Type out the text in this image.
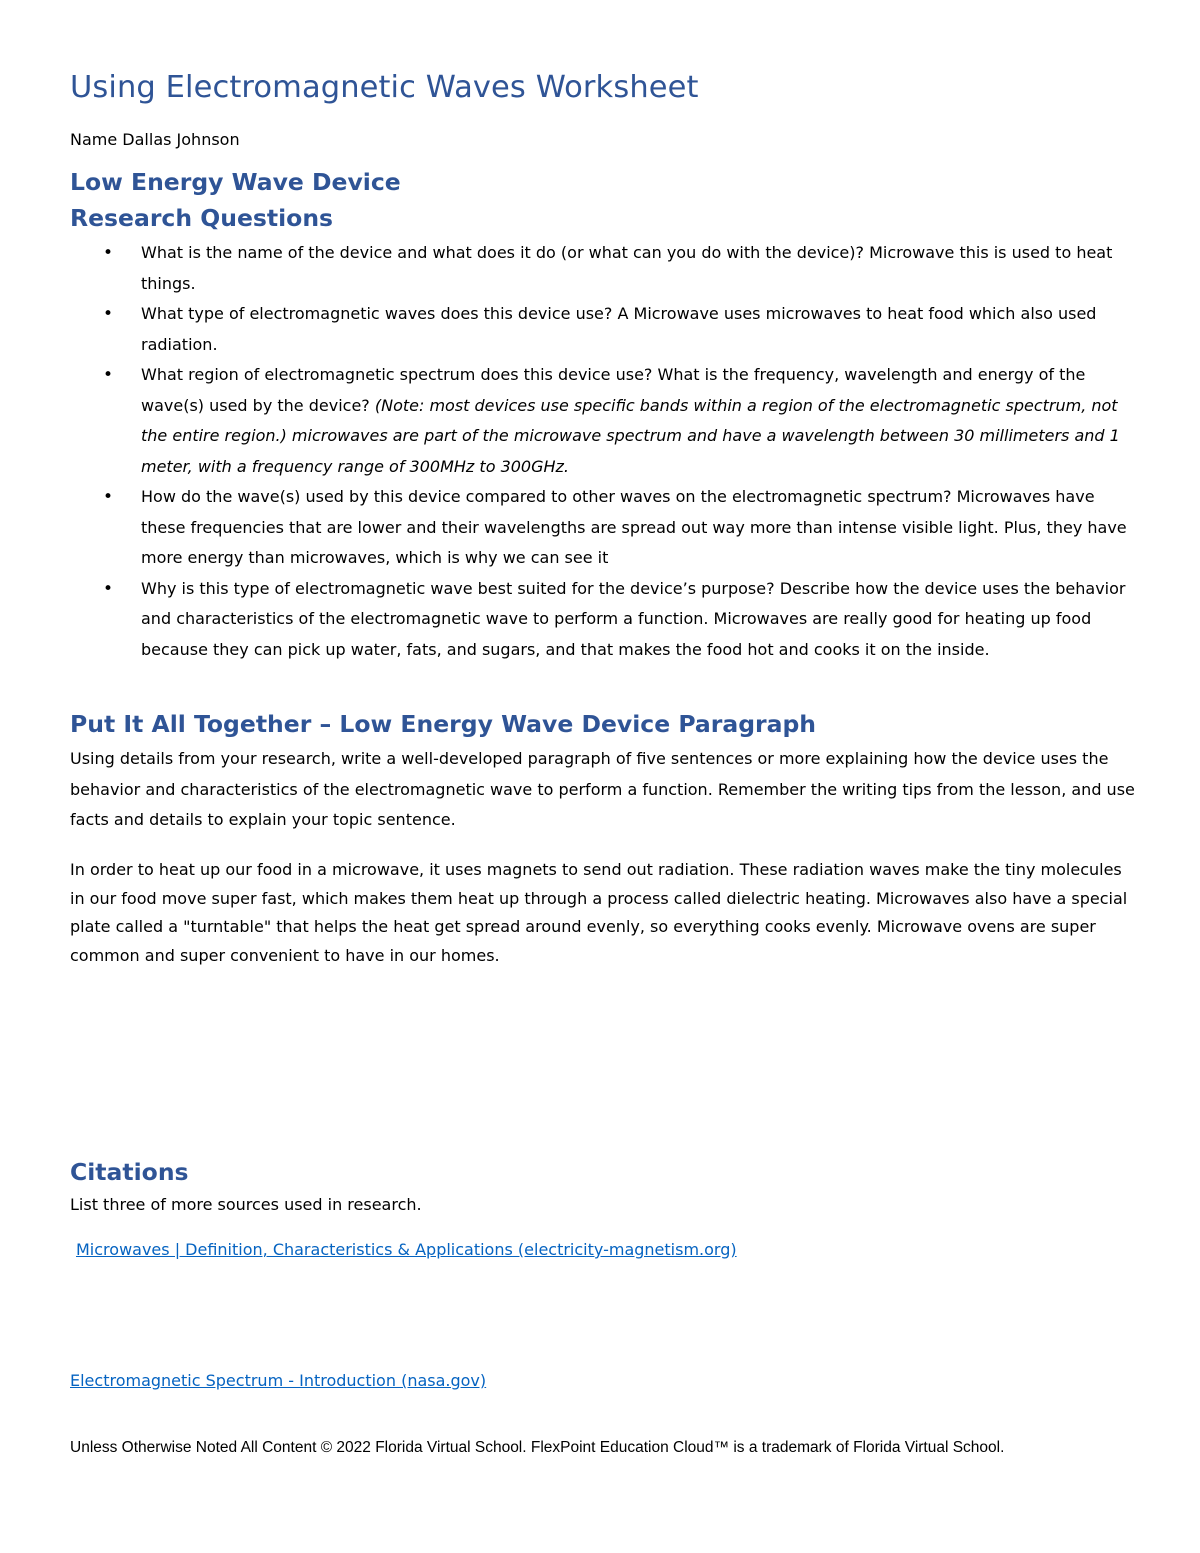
Using Electromagnetic Waves Worksheet
Name Dallas Johnson
Low Energy Wave Device
Research Questions
• What is the name of the device and what does it do (or what can you do with the device)? Microwave this is used to heat things.
• What type of electromagnetic waves does this device use? A Microwave uses microwaves to heat food which also used radiation.
• What region of electromagnetic spectrum does this device use? What is the frequency, wavelength and energy of the wave(s) used by the device? (Note: most devices use specific bands within a region of the electromagnetic spectrum, not the entire region.) microwaves are part of the microwave spectrum and have a wavelength between 30 millimeters and 1 meter, with a frequency range of 300MHz to 300GHz.
• How do the wave(s) used by this device compared to other waves on the electromagnetic spectrum? Microwaves have these frequencies that are lower and their wavelengths are spread out way more than intense visible light. Plus, they have more energy than microwaves, which is why we can see it
• Why is this type of electromagnetic wave best suited for the device’s purpose? Describe how the device uses the behavior and characteristics of the electromagnetic wave to perform a function. Microwaves are really good for heating up food because they can pick up water, fats, and sugars, and that makes the food hot and cooks it on the inside.
Put It All Together – Low Energy Wave Device Paragraph

Using details from your research, write a well-developed paragraph of five sentences or more explaining how the device uses the behavior and characteristics of the electromagnetic wave to perform a function. Remember the writing tips from the lesson, and use facts and details to explain your topic sentence.

In order to heat up our food in a microwave, it uses magnets to send out radiation. These radiation waves make the tiny molecules in our food move super fast, which makes them heat up through a process called dielectric heating. Microwaves also have a special plate called a "turntable" that helps the heat get spread around evenly, so everything cooks evenly. Microwave ovens are super common and super convenient to have in our homes.

Citations
List three of more sources used in research.
Microwaves | Definition, Characteristics & Applications (electricity-magnetism.org)
Electromagnetic Spectrum - Introduction (nasa.gov)

Unless Otherwise Noted All Content © 2022 Florida Virtual School. FlexPoint Education Cloud™ is a trademark of Florida Virtual School.
